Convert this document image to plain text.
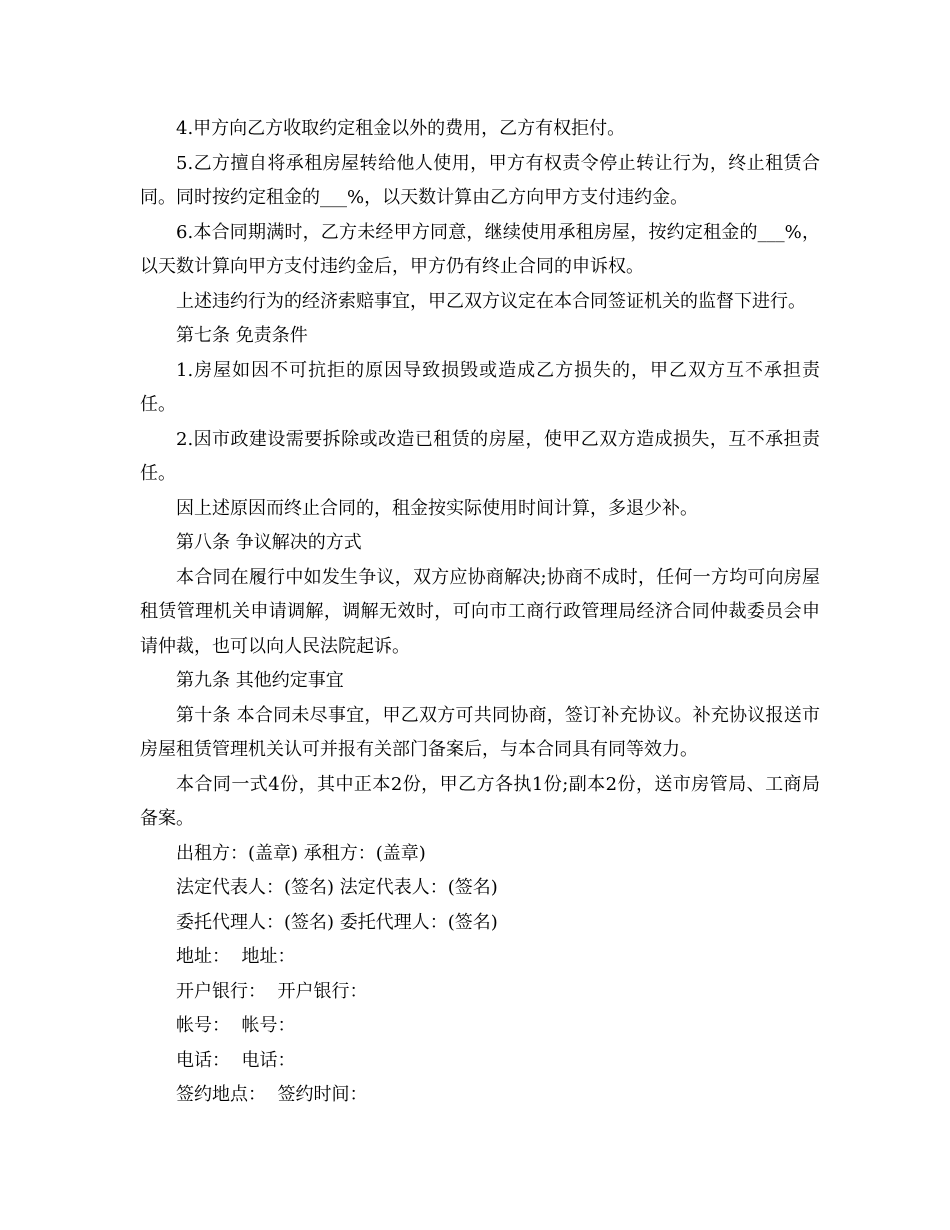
4.甲方向乙方收取约定租金以外的费用，乙方有权拒付。

5.乙方擅自将承租房屋转给他人使用，甲方有权责令停止转让行为，终止租赁合同。同时按约定租金的___%，以天数计算由乙方向甲方支付违约金。

6.本合同期满时，乙方未经甲方同意，继续使用承租房屋，按约定租金的___%，以天数计算向甲方支付违约金后，甲方仍有终止合同的申诉权。

上述违约行为的经济索赔事宜，甲乙双方议定在本合同签证机关的监督下进行。

第七条 免责条件

1.房屋如因不可抗拒的原因导致损毁或造成乙方损失的，甲乙双方互不承担责任。

2.因市政建设需要拆除或改造已租赁的房屋，使甲乙双方造成损失，互不承担责任。

因上述原因而终止合同的，租金按实际使用时间计算，多退少补。

第八条 争议解决的方式

本合同在履行中如发生争议，双方应协商解决;协商不成时，任何一方均可向房屋租赁管理机关申请调解，调解无效时，可向市工商行政管理局经济合同仲裁委员会申请仲裁，也可以向人民法院起诉。

第九条 其他约定事宜

第十条 本合同未尽事宜，甲乙双方可共同协商，签订补充协议。补充协议报送市房屋租赁管理机关认可并报有关部门备案后，与本合同具有同等效力。

本合同一式4份，其中正本2份，甲乙方各执1份;副本2份，送市房管局、工商局备案。

出租方：(盖章) 承租方：(盖章)

法定代表人：(签名) 法定代表人：(签名)

委托代理人：(签名) 委托代理人：(签名)

地址：  地址：

开户银行：  开户银行：

帐号：  帐号：

电话：  电话：

签约地点：  签约时间：
